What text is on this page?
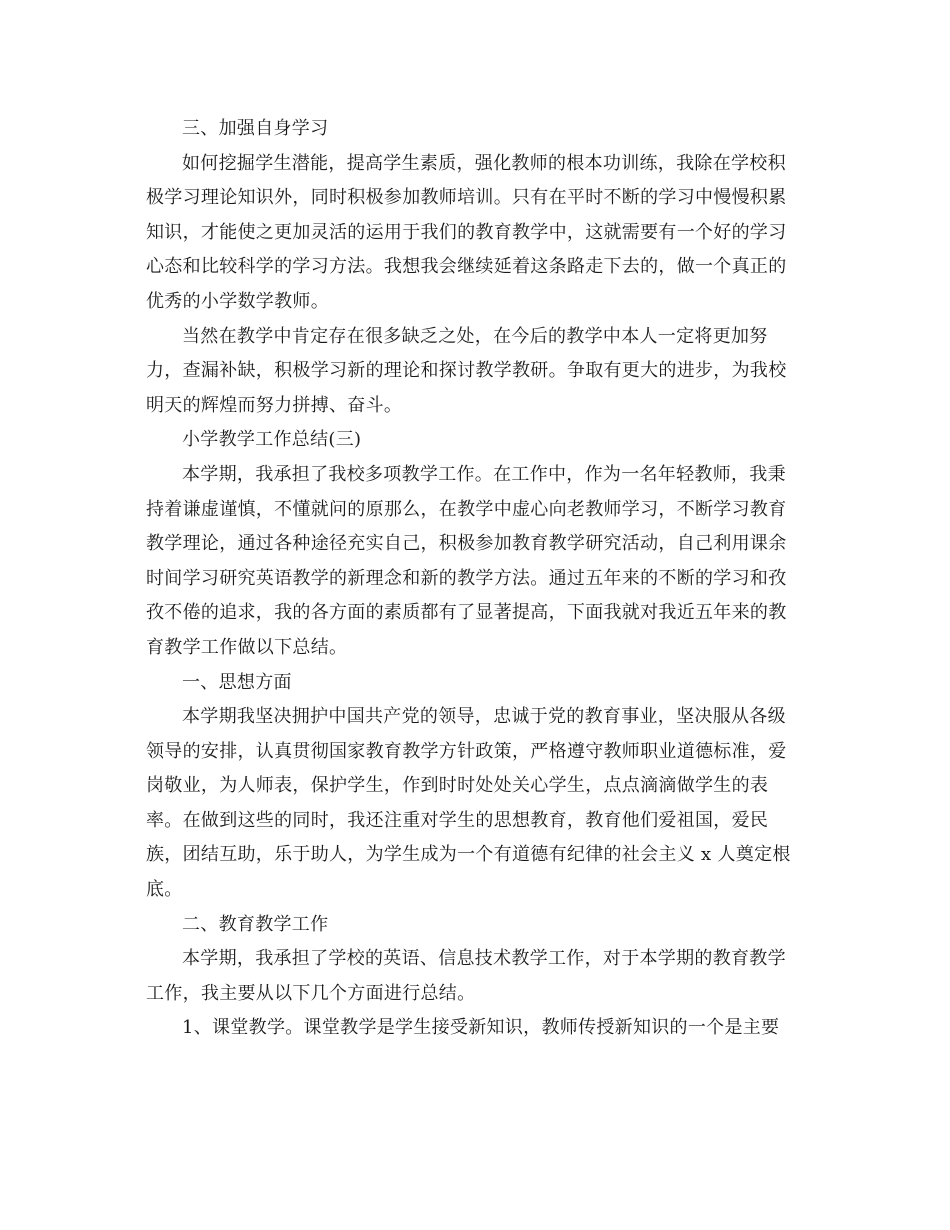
三、加强自身学习
如何挖掘学生潜能，提高学生素质，强化教师的根本功训练，我除在学校积
极学习理论知识外，同时积极参加教师培训。只有在平时不断的学习中慢慢积累
知识，才能使之更加灵活的运用于我们的教育教学中，这就需要有一个好的学习
心态和比较科学的学习方法。我想我会继续延着这条路走下去的，做一个真正的
优秀的小学数学教师。
当然在教学中肯定存在很多缺乏之处，在今后的教学中本人一定将更加努
力，查漏补缺，积极学习新的理论和探讨教学教研。争取有更大的进步，为我校
明天的辉煌而努力拼搏、奋斗。
小学教学工作总结(三)
本学期，我承担了我校多项教学工作。在工作中，作为一名年轻教师，我秉
持着谦虚谨慎，不懂就问的原那么，在教学中虚心向老教师学习，不断学习教育
教学理论，通过各种途径充实自己，积极参加教育教学研究活动，自己利用课余
时间学习研究英语教学的新理念和新的教学方法。通过五年来的不断的学习和孜
孜不倦的追求，我的各方面的素质都有了显著提高，下面我就对我近五年来的教
育教学工作做以下总结。
一、思想方面
本学期我坚决拥护中国共产党的领导，忠诚于党的教育事业，坚决服从各级
领导的安排，认真贯彻国家教育教学方针政策，严格遵守教师职业道德标准，爱
岗敬业，为人师表，保护学生，作到时时处处关心学生，点点滴滴做学生的表
率。在做到这些的同时，我还注重对学生的思想教育，教育他们爱祖国，爱民
族，团结互助，乐于助人，为学生成为一个有道德有纪律的社会主义 x 人奠定根
底。
二、教育教学工作
本学期，我承担了学校的英语、信息技术教学工作，对于本学期的教育教学
工作，我主要从以下几个方面进行总结。
1、课堂教学。课堂教学是学生接受新知识，教师传授新知识的一个是主要
